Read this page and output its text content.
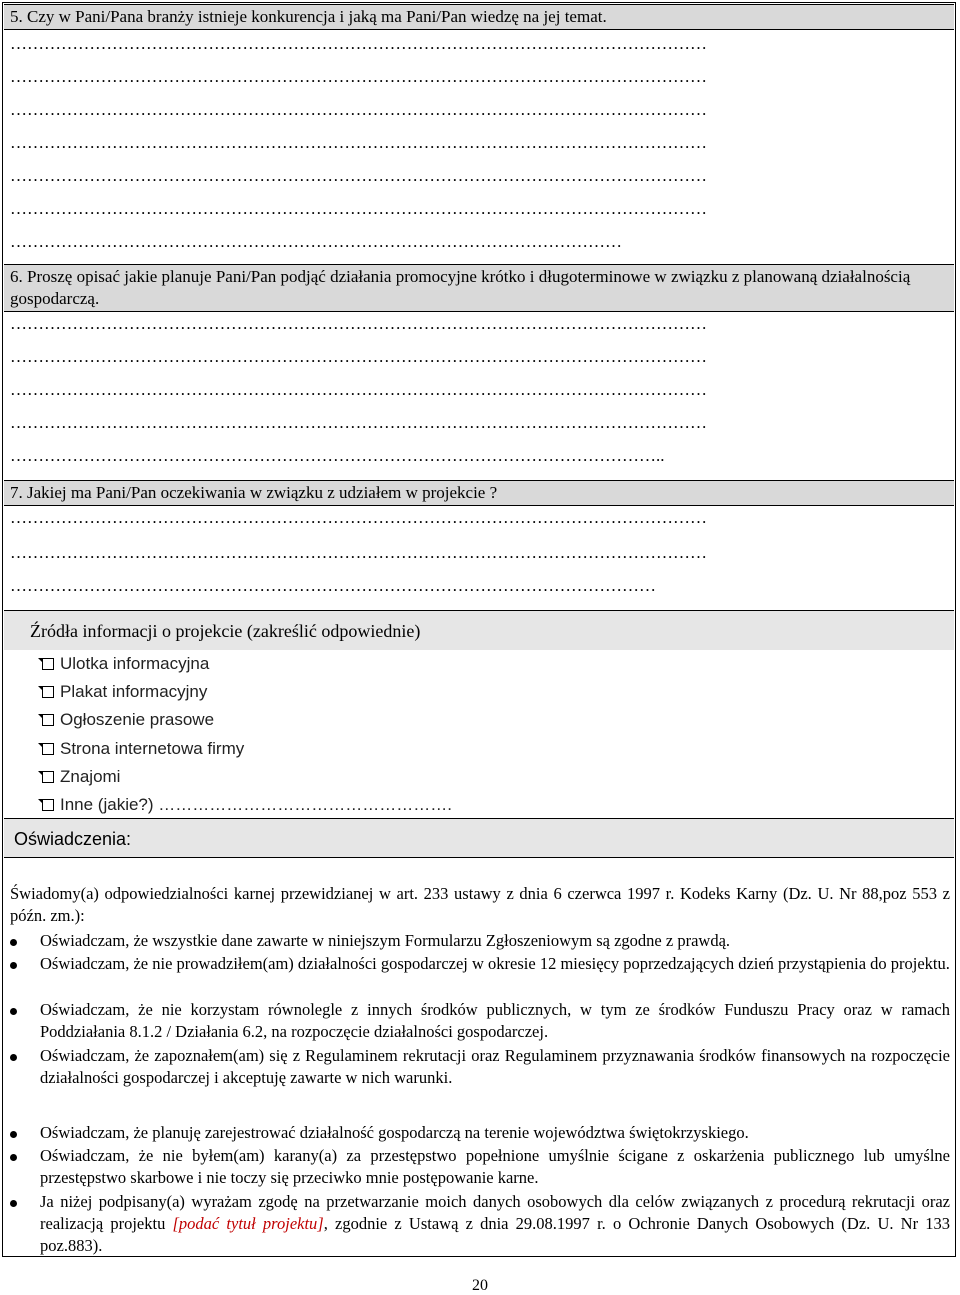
5. Czy w Pani/Pana branży istnieje konkurencja i jaką ma Pani/Pan wiedzę na jej temat.
……………………………………………………………………………………………………………
……………………………………………………………………………………………………………
……………………………………………………………………………………………………………
……………………………………………………………………………………………………………
……………………………………………………………………………………………………………
……………………………………………………………………………………………………………
………………………………………………………………………………………………
6. Proszę opisać jakie planuje Pani/Pan podjąć działania promocyjne krótko i długoterminowe w związku z planowaną działalnością gospodarczą.
……………………………………………………………………………………………………………
……………………………………………………………………………………………………………
……………………………………………………………………………………………………………
……………………………………………………………………………………………………………
……………………………………………………………………………………………………..
7. Jakiej ma Pani/Pan oczekiwania w związku z udziałem w projekcie ?
……………………………………………………………………………………………………………
……………………………………………………………………………………………………………
……………………………………………………………………………………………………
Źródła informacji o projekcie (zakreślić odpowiednie)
Ulotka informacyjna
Plakat informacyjny
Ogłoszenie prasowe
Strona internetowa firmy
Znajomi
Inne (jakie?) …………………………………………….
Oświadczenia:
Świadomy(a) odpowiedzialności karnej przewidzianej w art. 233 ustawy z dnia 6 czerwca 1997 r. Kodeks Karny (Dz. U. Nr 88,poz 553 z późn. zm.):
Oświadczam, że wszystkie dane zawarte w niniejszym Formularzu Zgłoszeniowym są zgodne z prawdą.
Oświadczam, że nie prowadziłem(am) działalności gospodarczej w okresie 12 miesięcy poprzedzających dzień przystąpienia do projektu.
Oświadczam, że nie korzystam równolegle z innych środków publicznych, w tym ze środków Funduszu Pracy oraz w ramach Poddziałania 8.1.2 / Działania 6.2, na rozpoczęcie działalności gospodarczej.
Oświadczam, że zapoznałem(am) się z Regulaminem rekrutacji oraz Regulaminem przyznawania środków finansowych na rozpoczęcie działalności gospodarczej i akceptuję zawarte w nich warunki.
Oświadczam, że planuję zarejestrować działalność gospodarczą na terenie województwa świętokrzyskiego.
Oświadczam, że nie byłem(am) karany(a) za przestępstwo popełnione umyślnie ścigane z oskarżenia publicznego lub umyślne przestępstwo skarbowe i nie toczy się przeciwko mnie postępowanie karne.
Ja niżej podpisany(a) wyrażam zgodę na przetwarzanie moich danych osobowych dla celów związanych z procedurą rekrutacji oraz realizacją projektu [podać tytuł projektu], zgodnie z Ustawą z dnia 29.08.1997 r. o Ochronie Danych Osobowych (Dz. U. Nr 133 poz.883).
20
